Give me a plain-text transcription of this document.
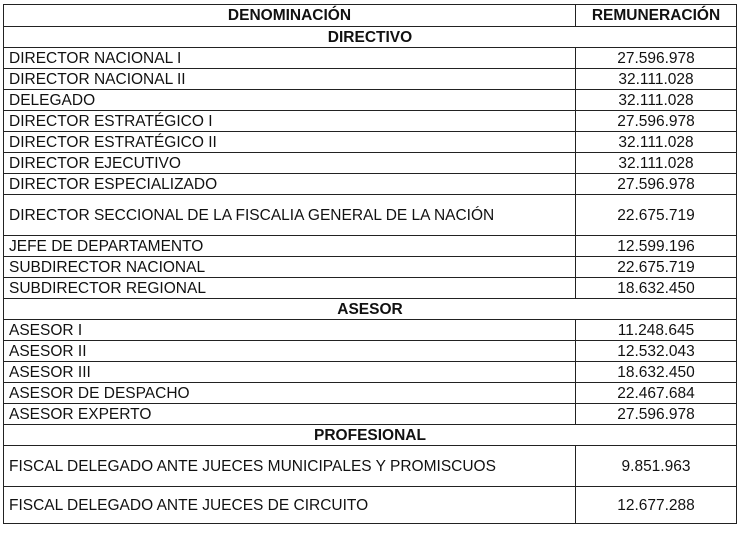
DENOMINACIÓN	REMUNERACIÓN
DIRECTIVO	
DIRECTOR NACIONAL I	27.596.978
DIRECTOR NACIONAL II	32.111.028
DELEGADO	32.111.028
DIRECTOR ESTRATÉGICO I	27.596.978
DIRECTOR ESTRATÉGICO II	32.111.028
DIRECTOR EJECUTIVO	32.111.028
DIRECTOR ESPECIALIZADO	27.596.978
DIRECTOR SECCIONAL DE LA FISCALIA GENERAL DE LA NACIÓN	22.675.719
JEFE DE DEPARTAMENTO	12.599.196
SUBDIRECTOR NACIONAL	22.675.719
SUBDIRECTOR REGIONAL	18.632.450
ASESOR	
ASESOR I	11.248.645
ASESOR II	12.532.043
ASESOR III	18.632.450
ASESOR DE DESPACHO	22.467.684
ASESOR EXPERTO	27.596.978
PROFESIONAL	
FISCAL DELEGADO ANTE JUECES MUNICIPALES Y PROMISCUOS	9.851.963
FISCAL DELEGADO ANTE JUECES DE CIRCUITO	12.677.288
